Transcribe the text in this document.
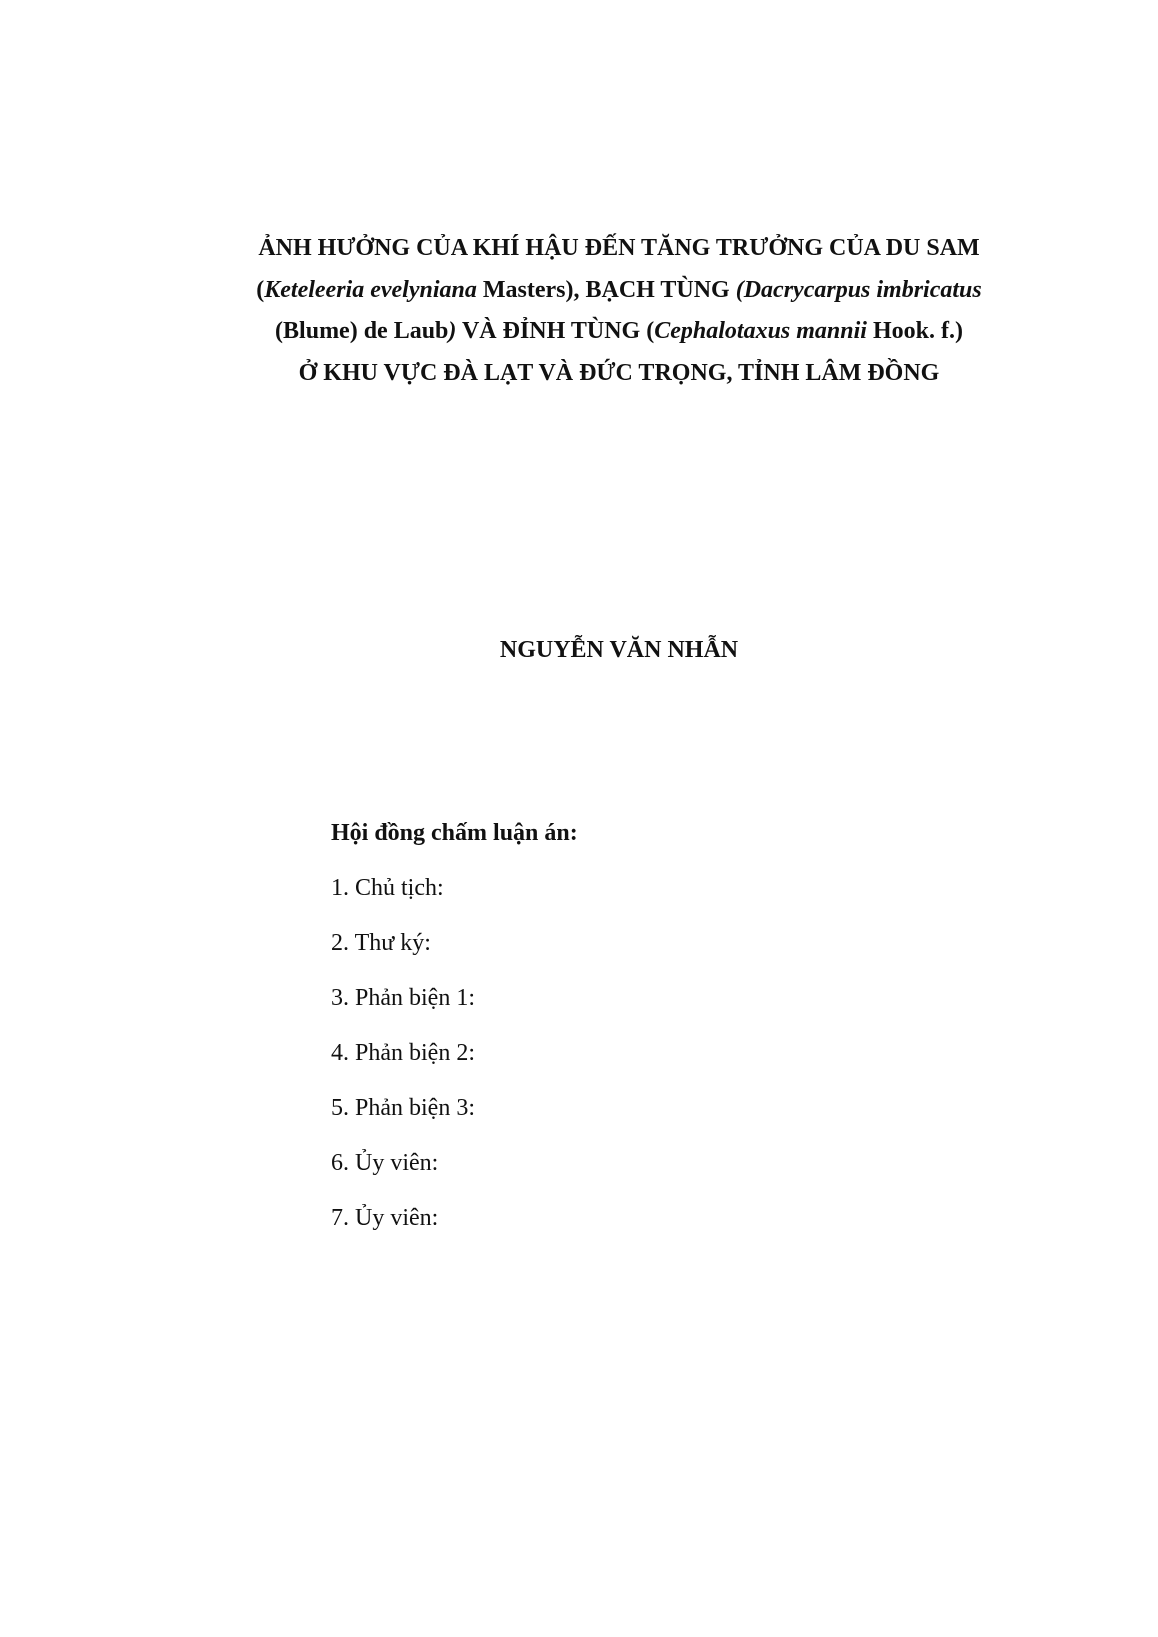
ẢNH HƯỞNG CỦA KHÍ HẬU ĐẾN TĂNG TRƯỞNG CỦA DU SAM
(Keteleeria evelyniana Masters), BẠCH TÙNG (Dacrycarpus imbricatus
(Blume) de Laub) VÀ ĐỈNH TÙNG (Cephalotaxus mannii Hook. f.)
Ở KHU VỰC ĐÀ LẠT VÀ ĐỨC TRỌNG, TỈNH LÂM ĐỒNG
NGUYỄN VĂN NHẪN

Hội đồng chấm luận án:

1. Chủ tịch:
2. Thư ký:
3. Phản biện 1:
4. Phản biện 2:
5. Phản biện 3:
6. Ủy viên:
7. Ủy viên:
